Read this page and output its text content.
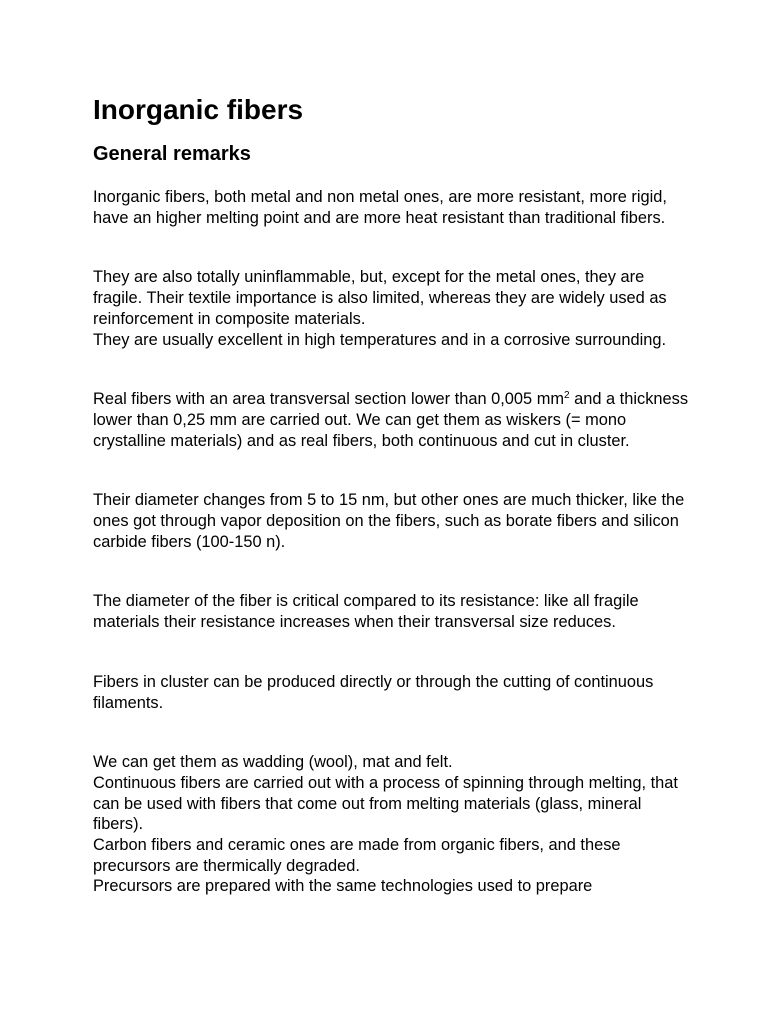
Inorganic fibers
General remarks

Inorganic fibers, both metal and non metal ones, are more resistant, more rigid, have an higher melting point and are more heat resistant than traditional fibers.

They are also totally uninflammable, but, except for the metal ones, they are fragile. Their textile importance is also limited, whereas they are widely used as reinforcement in composite materials.

They are usually excellent in high temperatures and in a corrosive surrounding.

Real fibers with an area transversal section lower than 0,005 $mm^2$ and a thickness lower than 0,25 mm are carried out. We can get them as wiskers (= mono crystalline materials) and as real fibers, both continuous and cut in cluster.

Their diameter changes from 5 to 15 nm, but other ones are much thicker, like the ones got through vapor deposition on the fibers, such as borate fibers and silicon carbide fibers (100-150 n).

The diameter of the fiber is critical compared to its resistance: like all fragile materials their resistance increases when their transversal size reduces.

Fibers in cluster can be produced directly or through the cutting of continuous filaments.

We can get them as wadding (wool), mat and felt.

Continuous fibers are carried out with a process of spinning through melting, that can be used with fibers that come out from melting materials (glass, mineral fibers).

Carbon fibers and ceramic ones are made from organic fibers, and these precursors are thermically degraded.

Precursors are prepared with the same technologies used to prepare
